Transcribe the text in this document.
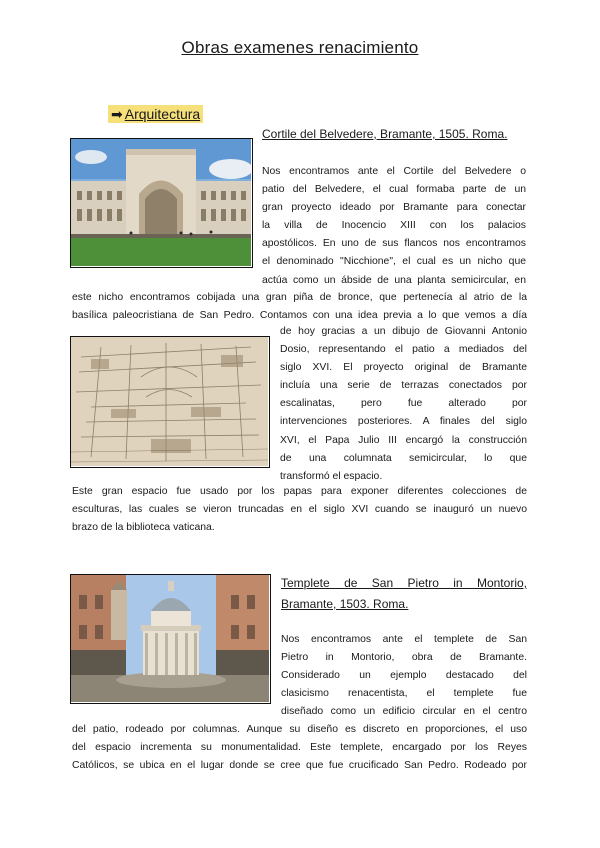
Obras examenes renacimiento
➡ Arquitectura
Cortile del Belvedere, Bramante, 1505. Roma.
Nos encontramos ante el Cortile del Belvedere o
patio del Belvedere, el cual formaba parte de un
gran proyecto ideado por Bramante para conectar
la villa de Inocencio XIII con los palacios
apostólicos. En uno de sus flancos nos encontramos
el denominado "Nicchione", el cual es un nicho que
actúa como un ábside de una planta semicircular, en
este nicho encontramos cobijada una gran piña de bronce, que pertenecía al atrio de la
basílica paleocristiana de San Pedro. Contamos con una idea previa a lo que vemos a día
de hoy gracias a un dibujo de Giovanni Antonio
Dosio, representando el patio a mediados del
siglo XVI. El proyecto original de Bramante
incluía una serie de terrazas conectados por
escalinatas, pero fue alterado por
intervenciones posteriores. A finales del siglo
XVI, el Papa Julio III encargó la construcción
de una columnata semicircular, lo que
transformó el espacio.
Este gran espacio fue usado por los papas para exponer diferentes colecciones de
esculturas, las cuales se vieron truncadas en el siglo XVI cuando se inauguró un nuevo
brazo de la biblioteca vaticana.
Templete de San Pietro in Montorio,
Bramante, 1503. Roma.
Nos encontramos ante el templete de San
Pietro in Montorio, obra de Bramante.
Considerado un ejemplo destacado del
clasicismo renacentista, el templete fue
diseñado como un edificio circular en el centro
del patio, rodeado por columnas. Aunque su diseño es discreto en proporciones, el uso
del espacio incrementa su monumentalidad. Este templete, encargado por los Reyes
Católicos, se ubica en el lugar donde se cree que fue crucificado San Pedro. Rodeado por
